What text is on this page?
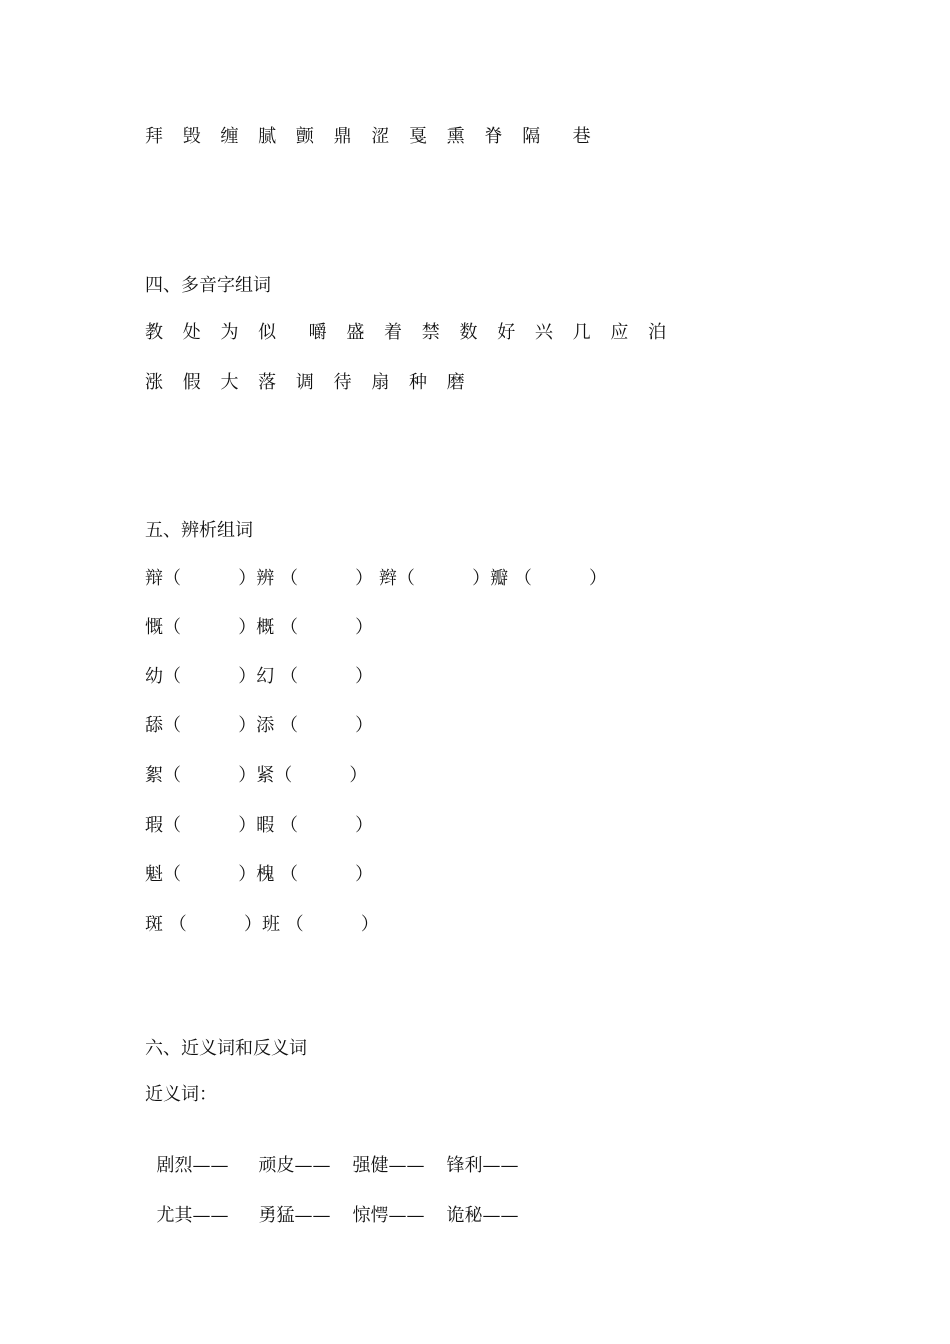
拜 毁 缠 腻 颤 鼎 涩 戛 熏 脊 隔  巷
四、多音字组词
教 处 为 似  嚼 盛 着 禁 数 好 兴 几 应 泊
涨 假 大 落 调 待 扇 种 磨
五、辨析组词
辩（          ）辨 （          ） 辫（          ）瓣 （          ）
慨（          ）概 （          ）
幼（          ）幻 （          ）
舔（          ）添 （          ）
絮（          ）紧（          ）
瑕（          ）暇 （          ）
魁（          ）槐 （          ）
斑 （          ）班 （          ）
六、近义词和反义词
近义词：

剧烈—— 顽皮—— 强健—— 锋利——

尤其—— 勇猛—— 惊愕—— 诡秘——
